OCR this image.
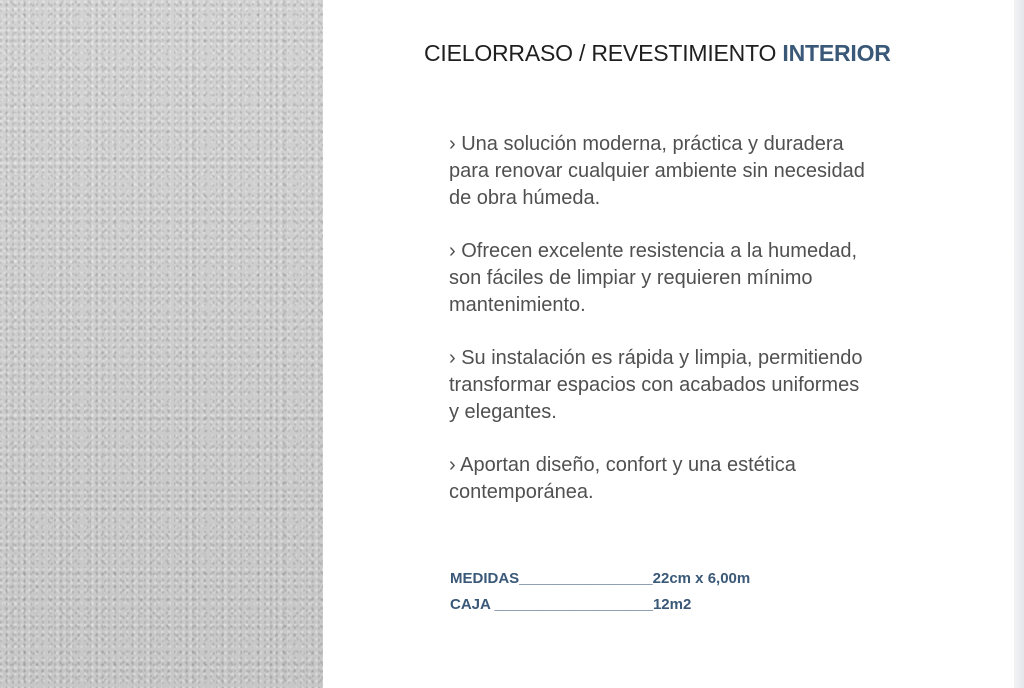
CIELORRASO / REVESTIMIENTO INTERIOR

› Una solución moderna, práctica y duradera
para renovar cualquier ambiente sin necesidad
de obra húmeda.

› Ofrecen excelente resistencia a la humedad,
son fáciles de limpiar y requieren mínimo
mantenimiento.

› Su instalación es rápida y limpia, permitiendo
transformar espacios con acabados uniformes
y elegantes.

› Aportan diseño, confort y una estética
contemporánea.

MEDIDAS________________22cm x 6,00m
CAJA ___________________12m2
